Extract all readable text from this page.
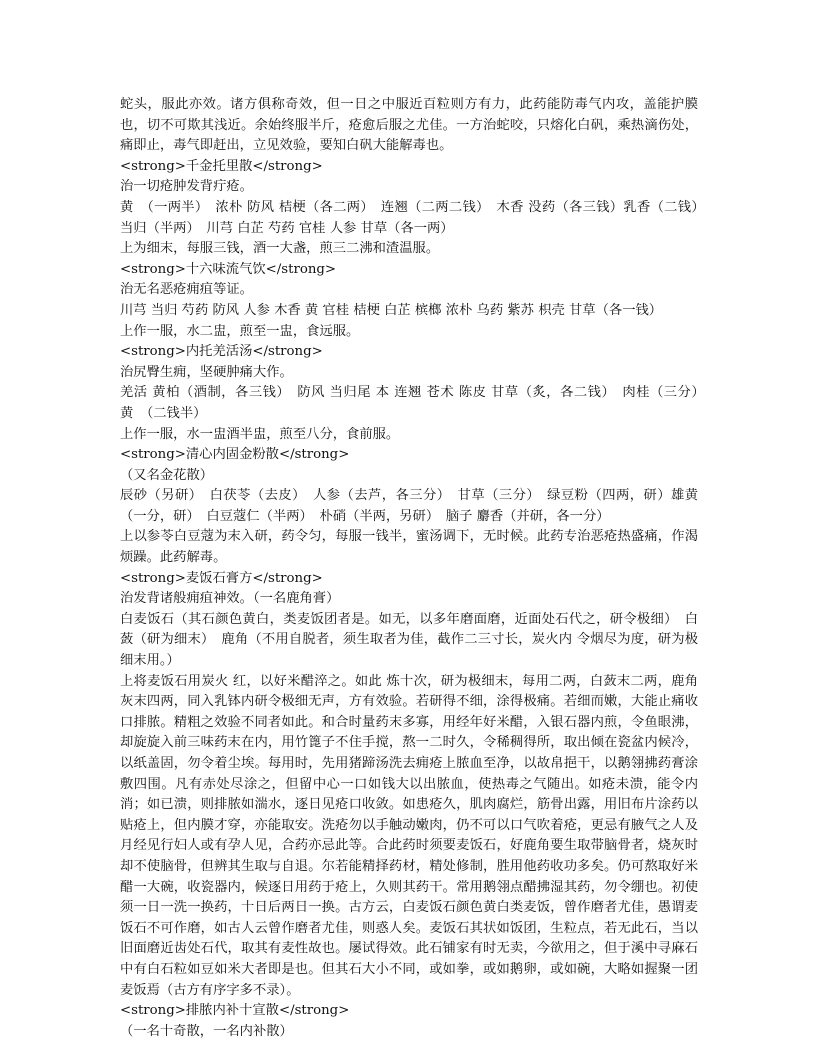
蛇头，服此亦效。诸方俱称奇效，但一日之中服近百粒则方有力，此药能防毒气内攻，盖能护膜也，切不可欺其浅近。余始终服半斤，疮愈后服之尤佳。一方治蛇咬，只熔化白矾，乘热滴伤处，痛即止，毒气即赶出，立见效验，要知白矾大能解毒也。

<strong>千金托里散</strong>

治一切疮肿发背疔疮。

黄　（一两半）　浓朴 防风 桔梗（各二两）　连翘（二两二钱）　木香 没药（各三钱）乳香（二钱）　当归（半两）　川芎 白芷 芍药 官桂 人参 甘草（各一两）

上为细末，每服三钱，酒一大盏，煎三二沸和渣温服。

<strong>十六味流气饮</strong>

治无名恶疮痈疽等证。

川芎 当归 芍药 防风 人参 木香 黄 官桂 桔梗 白芷 槟榔 浓朴 乌药 紫苏 枳壳 甘草（各一钱）

上作一服，水二盅，煎至一盅，食远服。

<strong>内托羌活汤</strong>

治尻臀生痈，坚硬肿痛大作。

羌活 黄柏（酒制，各三钱）　防风 当归尾 本 连翘 苍术 陈皮 甘草（炙，各二钱）　肉桂（三分）　黄　（二钱半）

上作一服，水一盅酒半盅，煎至八分，食前服。

<strong>清心内固金粉散</strong>

（又名金花散）

辰砂（另研）　白茯苓（去皮）　人参（去芦，各三分）　甘草（三分）　绿豆粉（四两，研）雄黄（一分，研）　白豆蔻仁（半两）　朴硝（半两，另研）　脑子 麝香（并研，各一分）

上以参苓白豆蔻为末入研，药令匀，每服一钱半，蜜汤调下，无时候。此药专治恶疮热盛痛，作渴烦躁。此药解毒。

<strong>麦饭石膏方</strong>

治发背诸般痈疽神效。（一名鹿角膏）

白麦饭石（其石颜色黄白，类麦饭团者是。如无，以多年磨面磨，近面处石代之，研令极细）　白蔹（研为细末）　鹿角（不用自脱者，须生取者为佳，截作二三寸长，炭火内 令烟尽为度，研为极细末用。）

上将麦饭石用炭火 红，以好米醋淬之。如此 炼十次，研为极细末，每用二两，白蔹末二两，鹿角灰末四两，同入乳钵内研令极细无声，方有效验。若研得不细，涂得极痛。若细而嫩，大能止痛收口排脓。精粗之效验不同者如此。和合时量药末多寡，用经年好米醋，入银石器内煎，令鱼眼沸，却旋旋入前三味药末在内，用竹篦子不住手搅，熬一二时久，令稀稠得所，取出倾在瓷盆内候冷，以纸盖固，勿令着尘埃。每用时，先用猪蹄汤洗去痈疮上脓血至净，以故帛挹干，以鹅翎拂药膏涂敷四围。凡有赤处尽涂之，但留中心一口如钱大以出脓血，使热毒之气随出。如疮未溃，能令内消；如已溃，则排脓如湍水，逐日见疮口收敛。如患疮久，肌肉腐烂，筋骨出露，用旧布片涂药以贴疮上，但内膜才穿，亦能取安。洗疮勿以手触动嫩肉，仍不可以口气吹着疮，更忌有腋气之人及月经见行妇人或有孕人见，合药亦忌此等。合此药时须要麦饭石，好鹿角要生取带脑骨者，烧灰时却不使脑骨，但辨其生取与自退。尔若能精择药材，精处修制，胜用他药收功多矣。仍可熬取好米醋一大碗，收瓷器内，候逐日用药于疮上，久则其药干。常用鹅翎点醋拂湿其药，勿令绷也。初使须一日一洗一换药，十日后两日一换。古方云，白麦饭石颜色黄白类麦饭，曾作磨者尤佳，愚谓麦饭石不可作磨，如古人云曾作磨者尤佳，则惑人矣。麦饭石其状如饭团，生粒点，若无此石，当以旧面磨近齿处石代，取其有麦性故也。屡试得效。此石铺家有时无卖，今欲用之，但于溪中寻麻石中有白石粒如豆如米大者即是也。但其石大小不同，或如拳，或如鹅卵，或如碗，大略如握聚一团麦饭焉（古方有序字多不录）。

<strong>排脓内补十宣散</strong>

（一名十奇散，一名内补散）
